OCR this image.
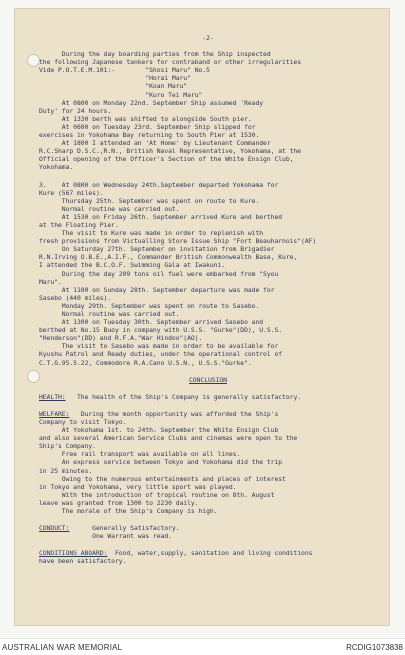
-2-

During the day boarding parties from the Ship inspected

the following Japanese tankers for contraband or other irregularities

Vide P.O.T.E.M.101:-        "Shosi Maru" No.5

"Horai Maru"

"Koan Maru"

"Kuro Tei Maru"

At 0800 on Monday 22nd. September Ship assumed 'Ready

Duty' for 24 hours.

At 1330 berth was shifted to alongside South pier.

At 0600 on Tuesday 23rd. September Ship slipped for

exercises in Yokohama Bay returning to South Pier at 1530.

At 1800 I attended an 'At Home' by Lieutenant Commander

R.C.Sharp D.S.C.,R.N., British Naval Representative, Yokohama, at the

Official opening of the Officer's Section of the White Ensign Club,

Yokohama.

3.    At 0800 on Wednesday 24th.September departed Yokohama for

Kure (567 miles).

Thursday 25th. September was spent on route to Kure.

Normal routine was carried out.

At 1530 on Friday 26th. September arrived Kure and berthed

at the Floating Pier.

The visit to Kure was made in order to replenish with

fresh provisions from Victualling Store Issue Ship "Fort Beauharnois"(AF)

On Saturday 27th. September on invitation from Brigadier

R.N.Irving O.B.E.,A.I.F., Commander British Commonwealth Base, Kure,

I attended the B.C.O.F. Swimming Gala at Iwakuni.

During the day 209 tons oil fuel were embarked from "Syou

Maru".

At 1100 on Sunday 28th. September departure was made for

Sasebo (440 miles).

Monday 29th. September was spent on route to Sasebo.

Normal routine was carried out.

At 1300 on Tuesday 30th. September arrived Sasebo and

berthed at No.15 Buoy in company with U.S.S. "Gurke"(DD), U.S.S.

"Henderson"(DD) and R.F.A."War Hindoo"(AO).

The visit to Sasebo was made in order to be available for

Kyushu Patrol and Ready duties, under the operational control of

C.T.G.95.5.22, Commodore R.A.Cano U.S.N., U.S.S."Gurke".

CONCLUSION

HEALTH:   The health of the Ship's Company is generally satisfactory.

WELFARE:   During the month opportunity was afforded the Ship's

Company to visit Tokyo.

At Yokohama 1st. to 24th. September the White Ensign Club

and also several American Service Clubs and cinemas were open to the

Ship's Company.

Free rail transport was available on all lines.

An express service between Tokyo and Yokohama did the trip

in 25 minutes.

Owing to the numerous entertainments and places of interest

in Tokyo and Yokohama, very little sport was played.

With the introduction of tropical routine on 8th. August

leave was granted from 1300 to 2230 daily.

The morale of the Ship's Company is high.

CONDUCT:      Generally Satisfactory.

One Warrant was read.

CONDITIONS ABOARD:  Food, water,supply, sanitation and living conditions

have been satisfactory.

AUSTRALIAN WAR MEMORIAL	RCDIG1073838
